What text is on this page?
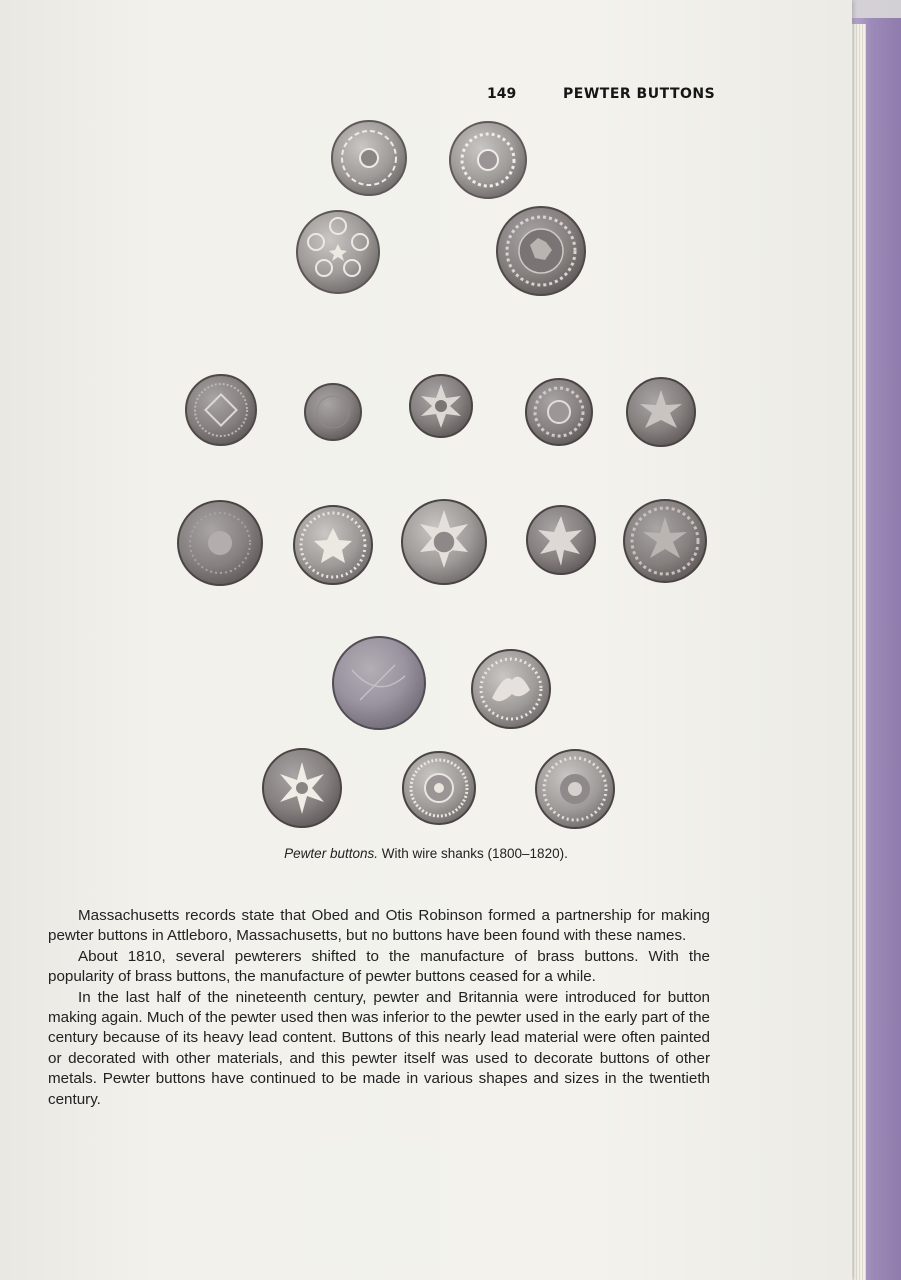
149	PEWTER BUTTONS
Pewter buttons. With wire shanks (1800–1820).

Massachusetts records state that Obed and Otis Robinson formed a partnership for making pewter buttons in Attleboro, Massachusetts, but no buttons have been found with these names.

About 1810, several pewterers shifted to the manufacture of brass buttons. With the popularity of brass buttons, the manufacture of pewter buttons ceased for a while.

In the last half of the nineteenth century, pewter and Britannia were introduced for button making again. Much of the pewter used then was inferior to the pewter used in the early part of the century because of its heavy lead content. Buttons of this nearly lead material were often painted or decorated with other materials, and this pewter itself was used to decorate buttons of other metals. Pewter buttons have continued to be made in various shapes and sizes in the twentieth century.
